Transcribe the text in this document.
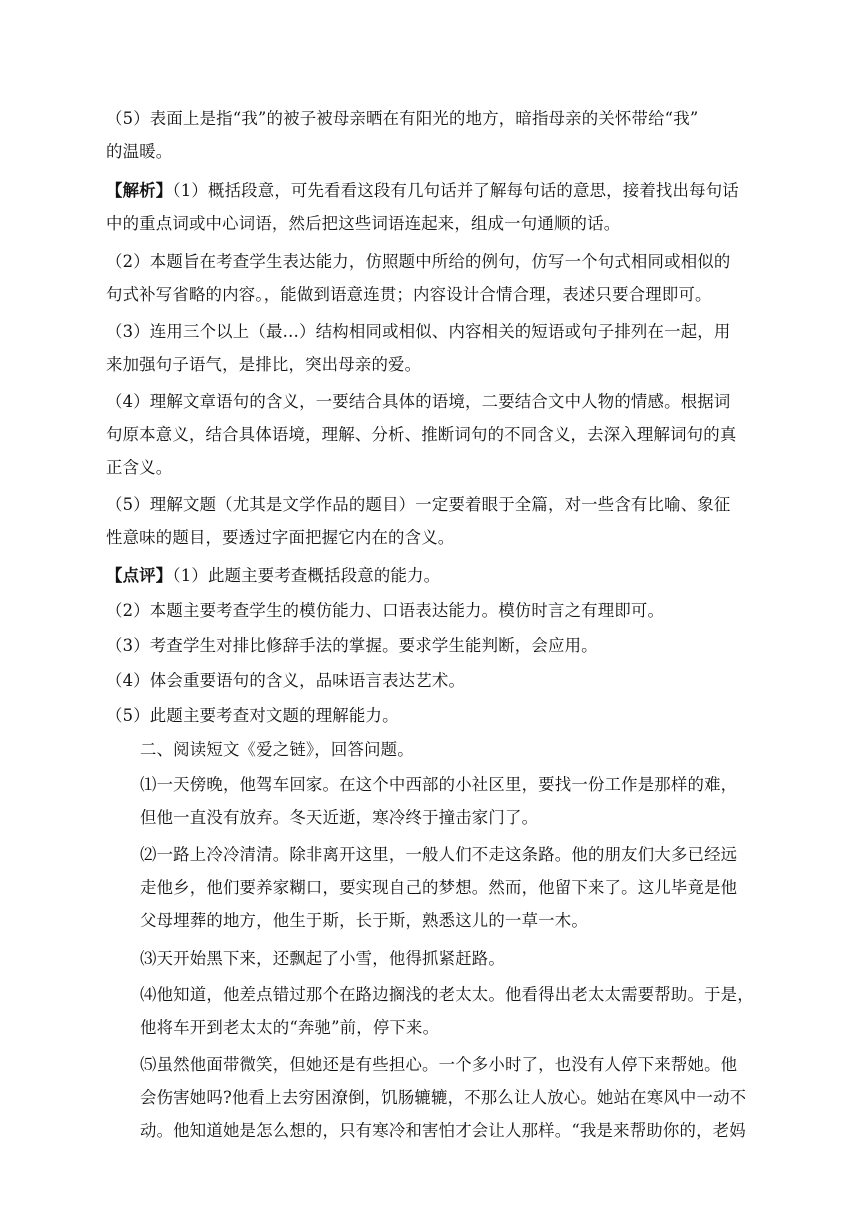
（5）表面上是指“我”的被子被母亲晒在有阳光的地方，暗指母亲的关怀带给“我”
的温暖。
【解析】（1）概括段意，可先看看这段有几句话并了解每句话的意思，接着找出每句话
中的重点词或中心词语，然后把这些词语连起来，组成一句通顺的话。
（2）本题旨在考查学生表达能力，仿照题中所给的例句，仿写一个句式相同或相似的
句式补写省略的内容。，能做到语意连贯；内容设计合情合理，表述只要合理即可。
（3）连用三个以上（最…）结构相同或相似、内容相关的短语或句子排列在一起，用
来加强句子语气，是排比，突出母亲的爱。
（4）理解文章语句的含义，一要结合具体的语境，二要结合文中人物的情感。根据词
句原本意义，结合具体语境，理解、分析、推断词句的不同含义，去深入理解词句的真
正含义。
（5）理解文题（尤其是文学作品的题目）一定要着眼于全篇，对一些含有比喻、象征
性意味的题目，要透过字面把握它内在的含义。
【点评】（1）此题主要考查概括段意的能力。
（2）本题主要考查学生的模仿能力、口语表达能力。模仿时言之有理即可。
（3）考查学生对排比修辞手法的掌握。要求学生能判断，会应用。
（4）体会重要语句的含义，品味语言表达艺术。
（5）此题主要考查对文题的理解能力。
二、阅读短文《爱之链》，回答问题。
⑴一天傍晚，他驾车回家。在这个中西部的小社区里，要找一份工作是那样的难，
但他一直没有放弃。冬天近逝，寒冷终于撞击家门了。
⑵一路上冷冷清清。除非离开这里，一般人们不走这条路。他的朋友们大多已经远
走他乡，他们要养家糊口，要实现自己的梦想。然而，他留下来了。这儿毕竟是他
父母埋葬的地方，他生于斯，长于斯，熟悉这儿的一草一木。
⑶天开始黑下来，还飘起了小雪，他得抓紧赶路。
⑷他知道，他差点错过那个在路边搁浅的老太太。他看得出老太太需要帮助。于是，
他将车开到老太太的“奔驰”前，停下来。
⑸虽然他面带微笑，但她还是有些担心。一个多小时了，也没有人停下来帮她。他
会伤害她吗?他看上去穷困潦倒，饥肠辘辘，不那么让人放心。她站在寒风中一动不
动。他知道她是怎么想的，只有寒冷和害怕才会让人那样。“我是来帮助你的，老妈
